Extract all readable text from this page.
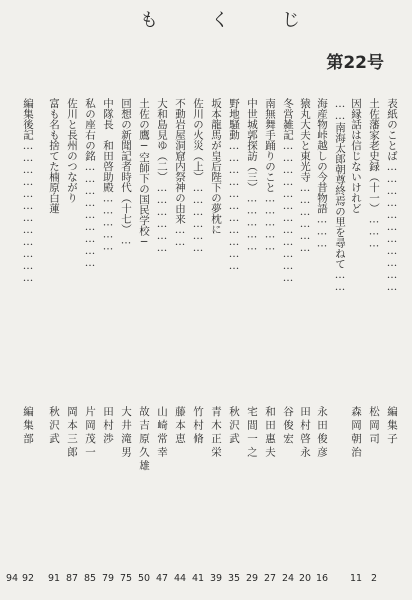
も	く	じ
第22号
表紙のことば……………………………
編集子
土佐藩家老史録（十一）………
松岡司
2
因縁話は信じないけれど
森岡朝治
11
……南海太郎朝尊終焉の里を尋ねて……
海産物峠越しの今昔物語………
永田俊彦
16
猿丸大夫と東光寺………………
田村啓永
20
冬営雑記………………………………
谷俊宏
24
南無舞手踊りのこと……………
和田惠夫
27
中世城郭探訪（三）……………
宅間一之
29
野地騒動……………………………
秋沢武
35
坂本龍馬が皇后陛下の夢枕に
青木正栄
39
佐川の火災（上）………………
竹村脩
41
不動岩屋洞窟内祭神の由来……
藤本恵
44
大和島見ゆ（二）………………
山崎常幸
47
土佐の鷹─空師下の国民学校─
故吉原久雄
50
回想の新聞記者時代（十七）…
大井滝男
75
中隊長　和田啓助殿……………
田村渉
79
私の座右の銘………………………
片岡茂一
85
佐川と長州のつながり
岡本三郎
87
富も名も捨てた楠原白蓮
秋沢武
91
編集後記………………………………
編集部
92
94
